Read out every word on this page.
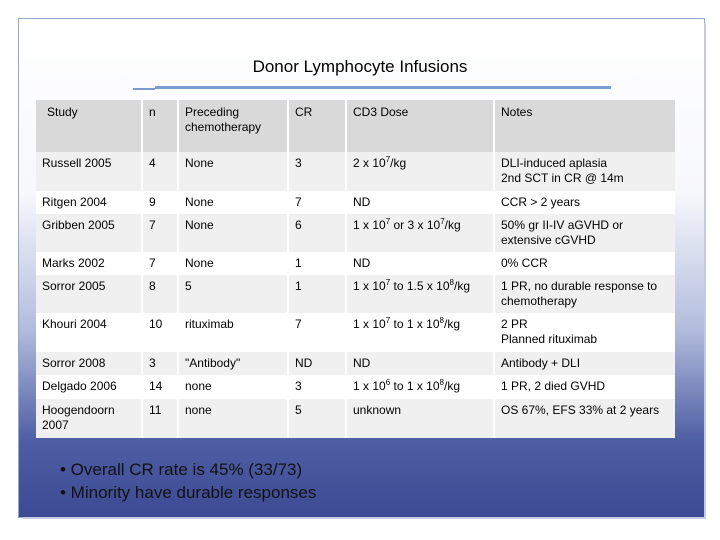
Donor Lymphocyte Infusions
Study	n	Preceding chemotherapy	CR	CD3 Dose	Notes
Russell 2005	4	None	3	2 x $10^7/kg$	DLI-induced aplasia
2nd SCT in CR @ 14m
Ritgen 2004	9	None	7	ND	CCR > 2 years
Gribben 2005	7	None	6	1 x $10^7$ or 3 x $10^7/kg$	50% gr II-IV aGVHD or extensive cGVHD
Marks 2002	7	None	1	ND	0% CCR
Sorror 2005	8	5	1	1 x $10^7$ to 1.5 x $10^8/kg$	1 PR, no durable response to chemotherapy
Khouri 2004	10	rituximab	7	1 x $10^7$ to 1 x $10^8/kg$	2 PR
Planned rituximab
Sorror 2008	3	"Antibody"	ND	ND	Antibody + DLI
Delgado 2006	14	none	3	1 x $10^6$ to 1 x $10^8/kg$	1 PR, 2 died GVHD
Hoogendoorn 2007	11	none	5	unknown	OS 67%, EFS 33% at 2 years
• Overall CR rate is 45% (33/73)
• Minority have durable responses
